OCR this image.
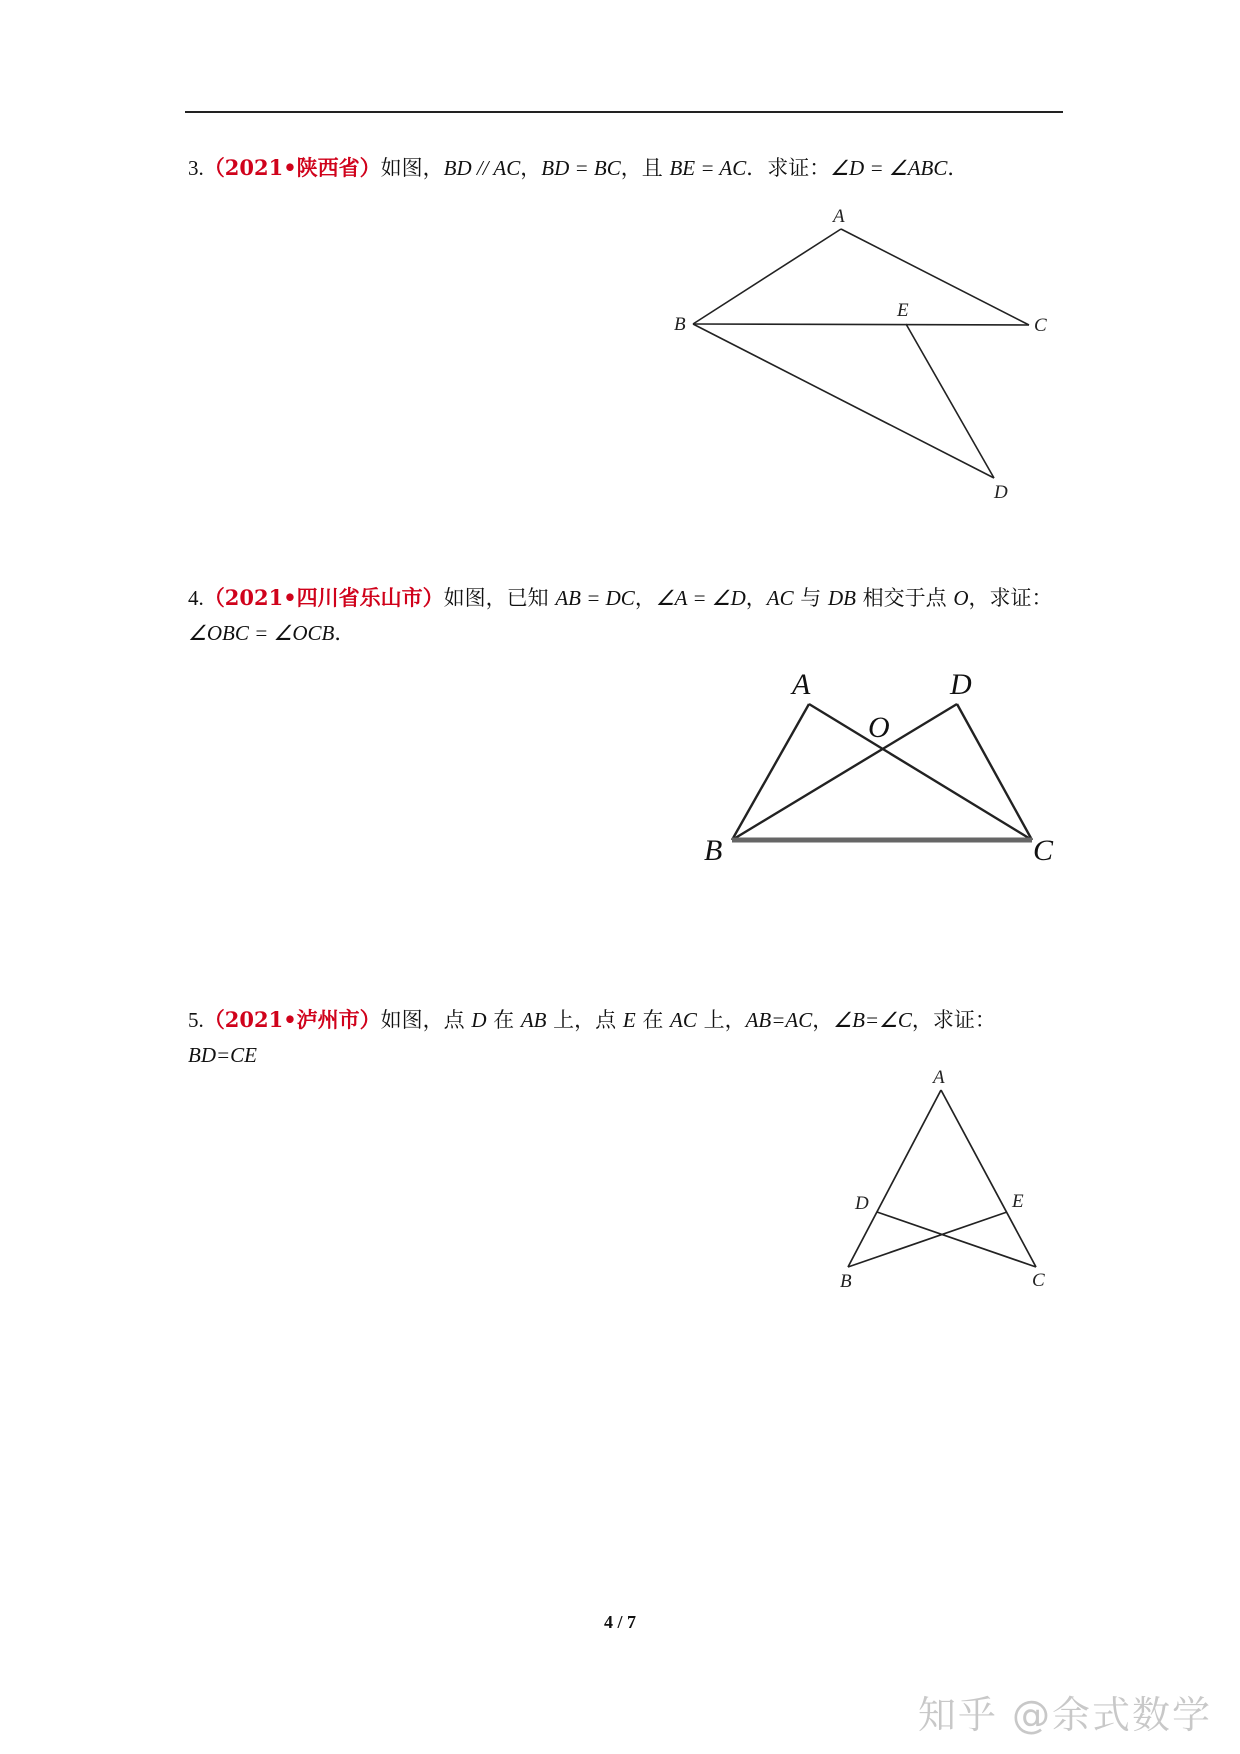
3.（2021•陕西省）如图，BD // AC，BD = BC，且 BE = AC．求证：∠D = ∠ABC．
A
B	C
E
D
4.（2021•四川省乐山市）如图，已知 AB = DC，∠A = ∠D，AC 与 DB 相交于点 O，求证：∠OBC = ∠OCB．
A	D
O
B	C
5.（2021•泸州市）如图，点 D 在 AB 上，点 E 在 AC 上，AB=AC，∠B=∠C，求证：BD=CE
A
D	E
B	C
4 / 7
知乎 @余式数学
